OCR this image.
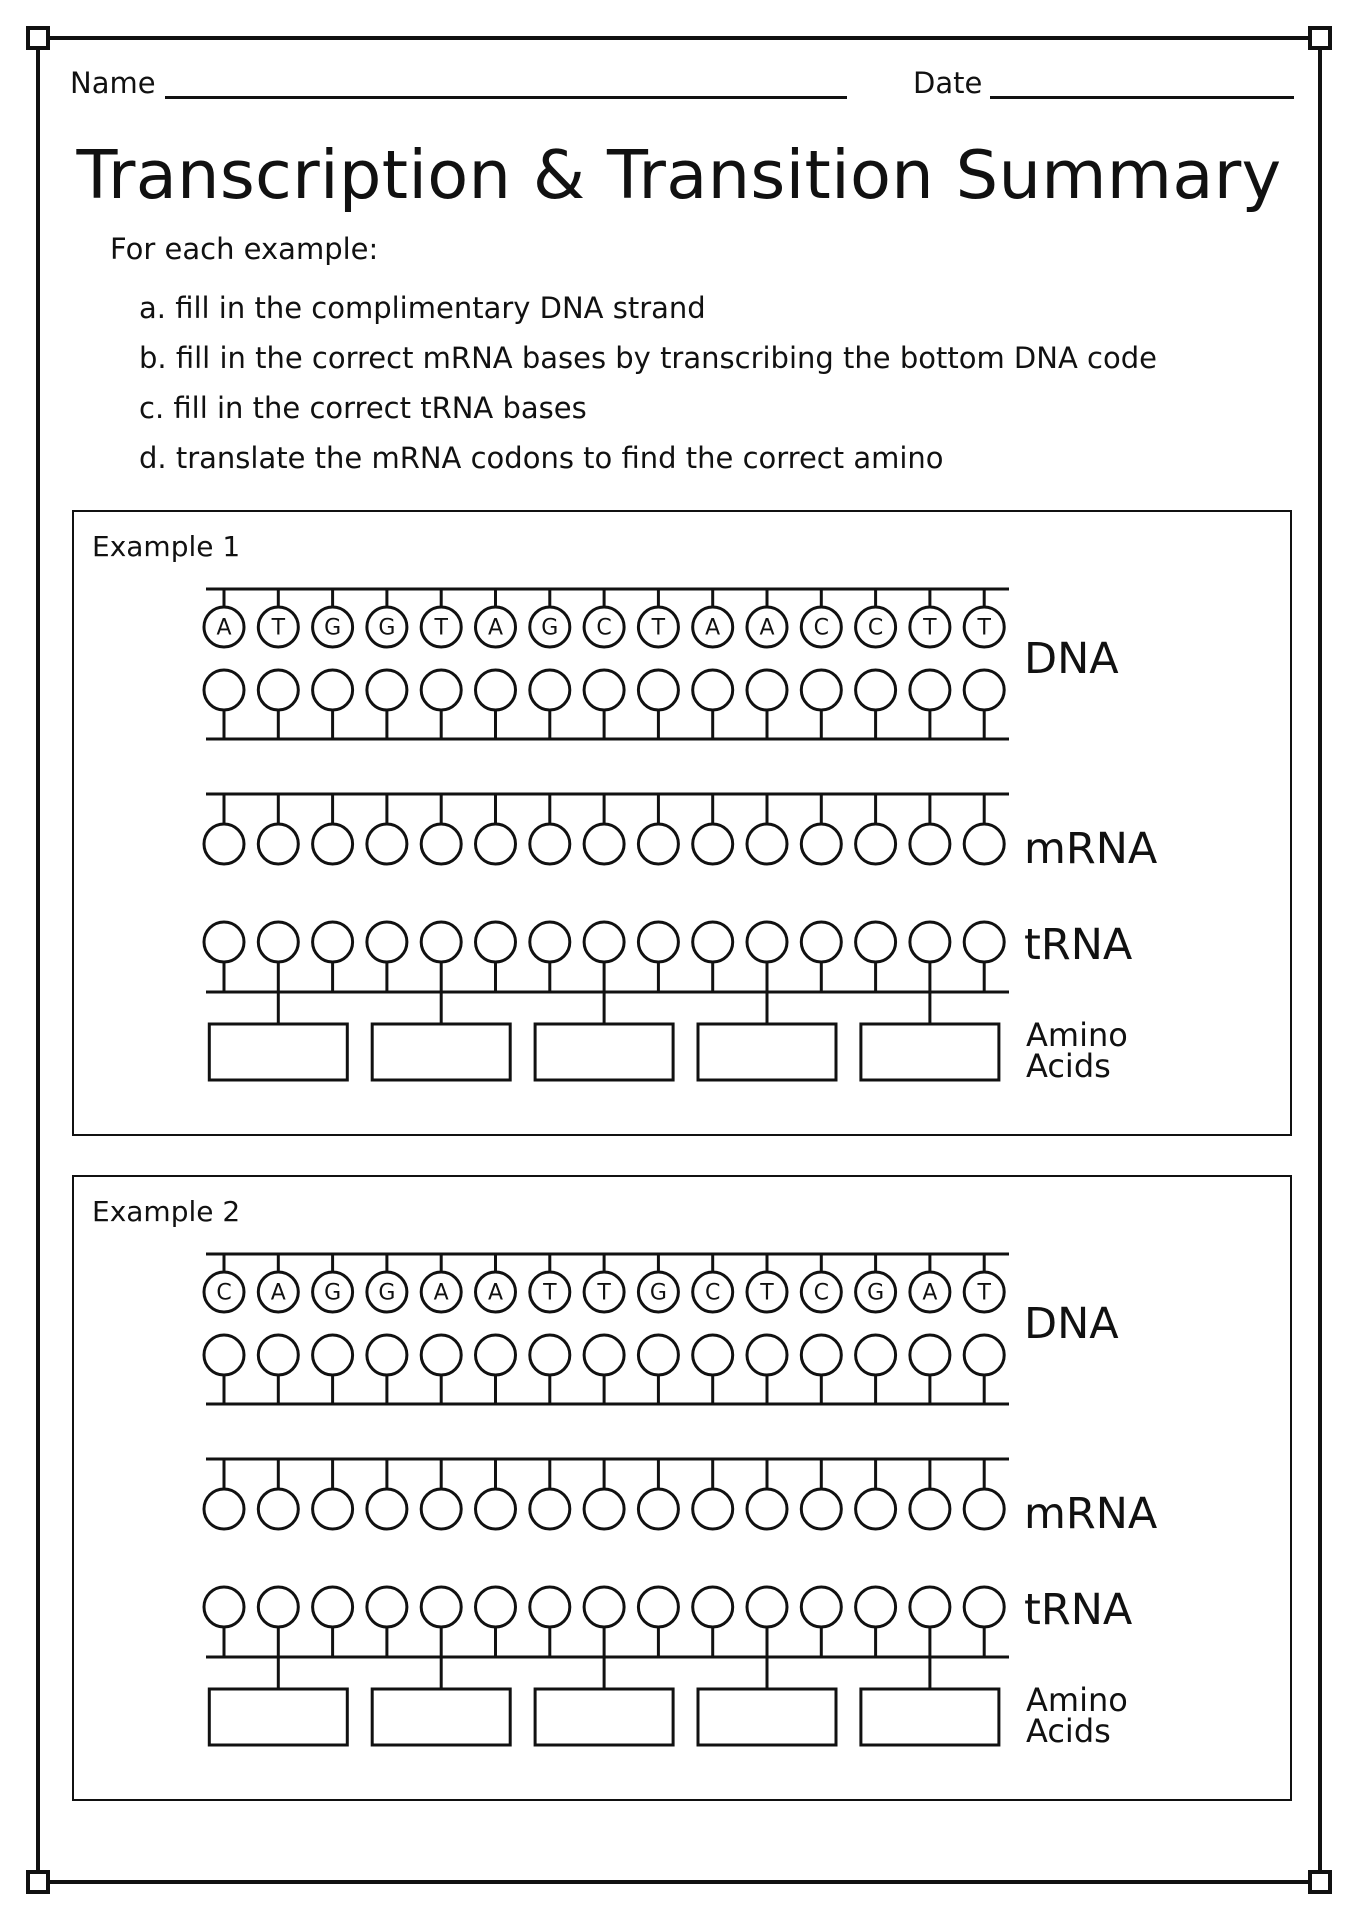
Name	Date
Transcription & Transition Summary
For each example:
a. fill in the complimentary DNA strand
b. fill in the correct mRNA bases by transcribing the bottom DNA code
c. fill in the correct tRNA bases
d. translate the mRNA codons to find the correct amino
Example 1
A T G G T A G C T A A C C T T
DNA
mRNA
tRNA
Amino
Acids
Example 2
C A G G A A T T G C T C G A T
DNA
mRNA
tRNA
Amino
Acids
